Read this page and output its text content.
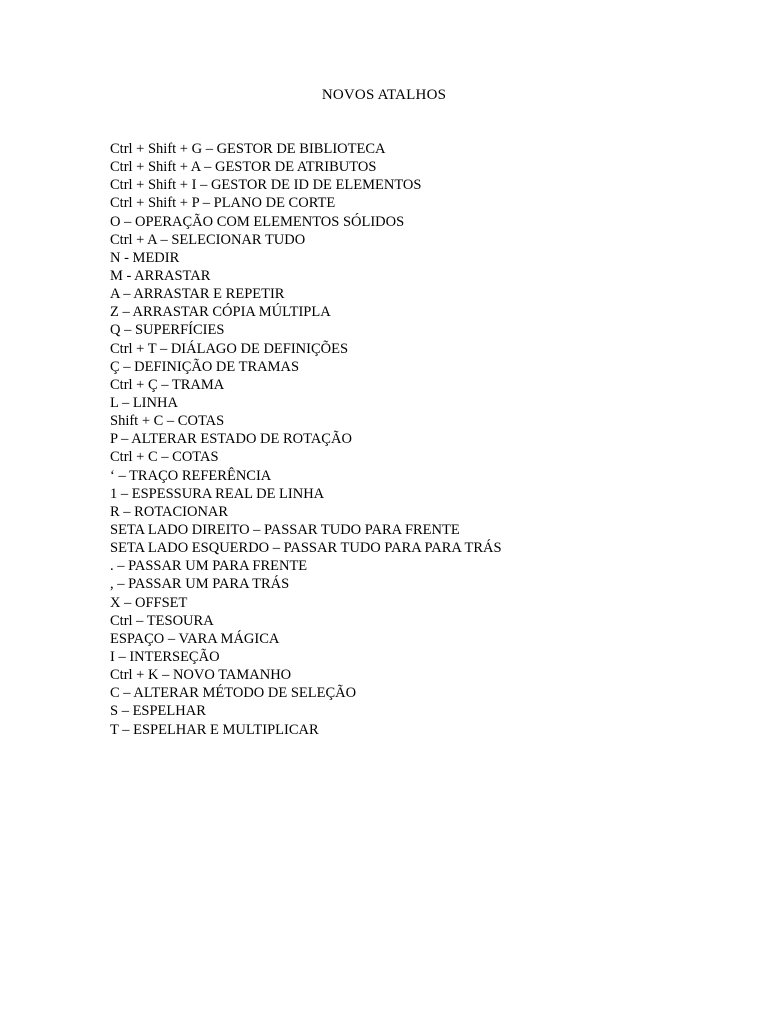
NOVOS ATALHOS
Ctrl + Shift + G – GESTOR DE BIBLIOTECA
Ctrl + Shift + A – GESTOR DE ATRIBUTOS
Ctrl + Shift + I – GESTOR DE ID DE ELEMENTOS
Ctrl + Shift + P – PLANO DE CORTE
O – OPERAÇÃO COM ELEMENTOS SÓLIDOS
Ctrl + A – SELECIONAR TUDO
N - MEDIR
M - ARRASTAR
A – ARRASTAR E REPETIR
Z – ARRASTAR CÓPIA MÚLTIPLA
Q – SUPERFÍCIES
Ctrl + T – DIÁLAGO DE DEFINIÇÕES
Ç – DEFINIÇÃO DE TRAMAS
Ctrl + Ç – TRAMA
L – LINHA
Shift + C – COTAS
P – ALTERAR ESTADO DE ROTAÇÃO
Ctrl + C – COTAS
‘ – TRAÇO REFERÊNCIA
1 – ESPESSURA REAL DE LINHA
R – ROTACIONAR
SETA LADO DIREITO – PASSAR TUDO PARA FRENTE
SETA LADO ESQUERDO – PASSAR TUDO PARA PARA TRÁS
. – PASSAR UM PARA FRENTE
, – PASSAR UM PARA TRÁS
X – OFFSET
Ctrl – TESOURA
ESPAÇO – VARA MÁGICA
I – INTERSEÇÃO
Ctrl + K – NOVO TAMANHO
C – ALTERAR MÉTODO DE SELEÇÃO
S – ESPELHAR
T – ESPELHAR E MULTIPLICAR
